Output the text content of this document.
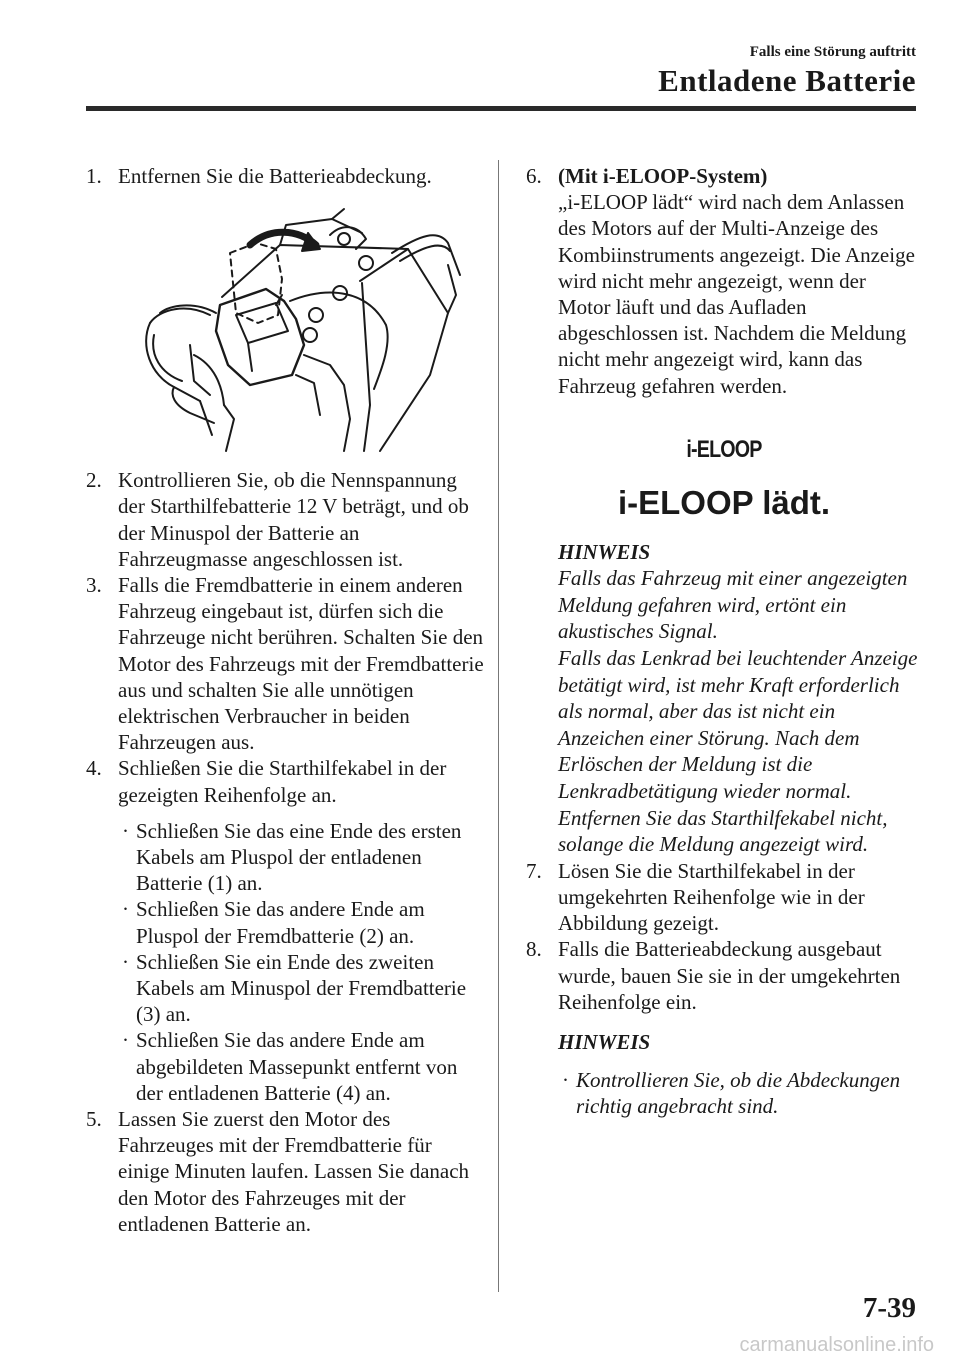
Falls eine Störung auftritt
Entladene Batterie
1. Entfernen Sie die Batterieabdeckung.
2. Kontrollieren Sie, ob die Nennspannung der Starthilfebatterie 12 V beträgt, und ob der Minuspol der Batterie an Fahrzeugmasse angeschlossen ist.
3. Falls die Fremdbatterie in einem anderen Fahrzeug eingebaut ist, dürfen sich die Fahrzeuge nicht berühren. Schalten Sie den Motor des Fahrzeugs mit der Fremdbatterie aus und schalten Sie alle unnötigen elektrischen Verbraucher in beiden Fahrzeugen aus.
4. Schließen Sie die Starthilfekabel in der gezeigten Reihenfolge an.
· Schließen Sie das eine Ende des ersten Kabels am Pluspol der entladenen Batterie (1) an.
· Schließen Sie das andere Ende am Pluspol der Fremdbatterie (2) an.
· Schließen Sie ein Ende des zweiten Kabels am Minuspol der Fremdbatterie (3) an.
· Schließen Sie das andere Ende am abgebildeten Massepunkt entfernt von der entladenen Batterie (4) an.
5. Lassen Sie zuerst den Motor des Fahrzeuges mit der Fremdbatterie für einige Minuten laufen. Lassen Sie danach den Motor des Fahrzeuges mit der entladenen Batterie an.
6. (Mit i-ELOOP-System)
„i-ELOOP lädt“ wird nach dem Anlassen des Motors auf der Multi-Anzeige des Kombiinstruments angezeigt. Die Anzeige wird nicht mehr angezeigt, wenn der Motor läuft und das Aufladen abgeschlossen ist. Nachdem die Meldung nicht mehr angezeigt wird, kann das Fahrzeug gefahren werden.
i-ELOOP
i-ELOOP lädt.
HINWEIS
Falls das Fahrzeug mit einer angezeigten Meldung gefahren wird, ertönt ein akustisches Signal.
Falls das Lenkrad bei leuchtender Anzeige betätigt wird, ist mehr Kraft erforderlich als normal, aber das ist nicht ein Anzeichen einer Störung. Nach dem Erlöschen der Meldung ist die Lenkradbetätigung wieder normal.
Entfernen Sie das Starthilfekabel nicht, solange die Meldung angezeigt wird.
7. Lösen Sie die Starthilfekabel in der umgekehrten Reihenfolge wie in der Abbildung gezeigt.
8. Falls die Batterieabdeckung ausgebaut wurde, bauen Sie sie in der umgekehrten Reihenfolge ein.
HINWEIS
· Kontrollieren Sie, ob die Abdeckungen richtig angebracht sind.
7-39
carmanualsonline.info
